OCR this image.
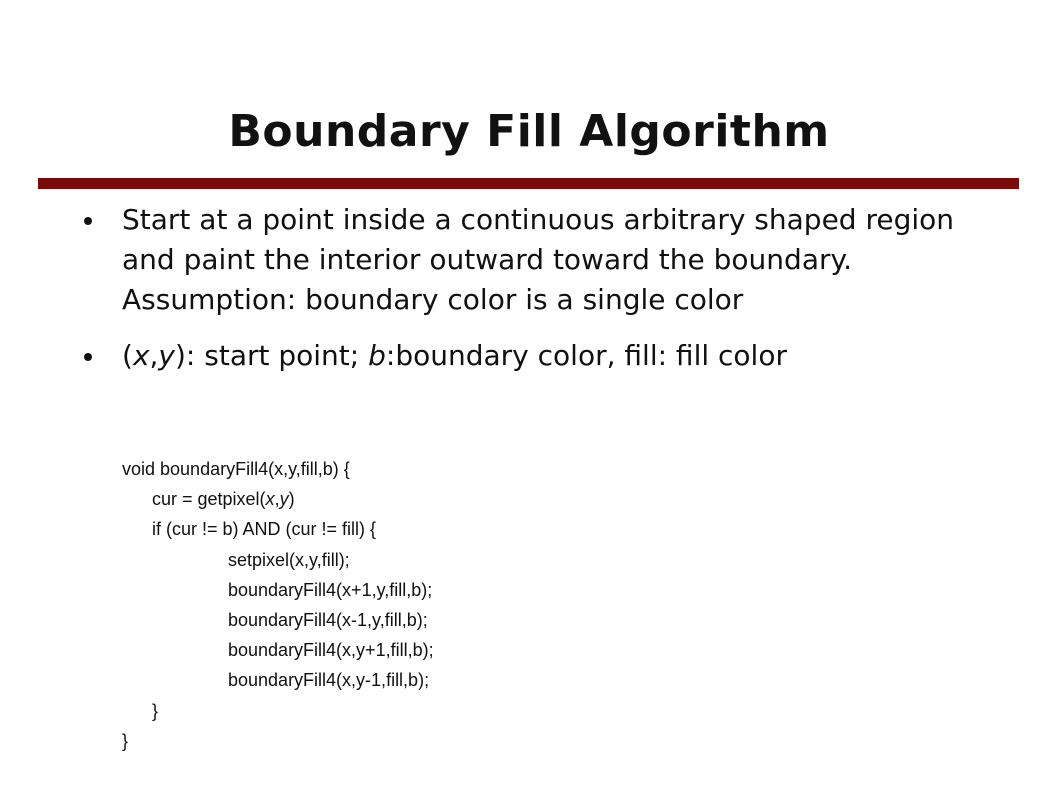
Boundary Fill Algorithm
Start at a point inside a continuous arbitrary shaped region and paint the interior outward toward the boundary. Assumption: boundary color is a single color
(x,y): start point; b:boundary color, fill: fill color
void boundaryFill4(x,y,fill,b) {
cur = getpixel(x,y)
if (cur != b) AND (cur != fill) {
setpixel(x,y,fill);
boundaryFill4(x+1,y,fill,b);
boundaryFill4(x-1,y,fill,b);
boundaryFill4(x,y+1,fill,b);
boundaryFill4(x,y-1,fill,b);
}
}
